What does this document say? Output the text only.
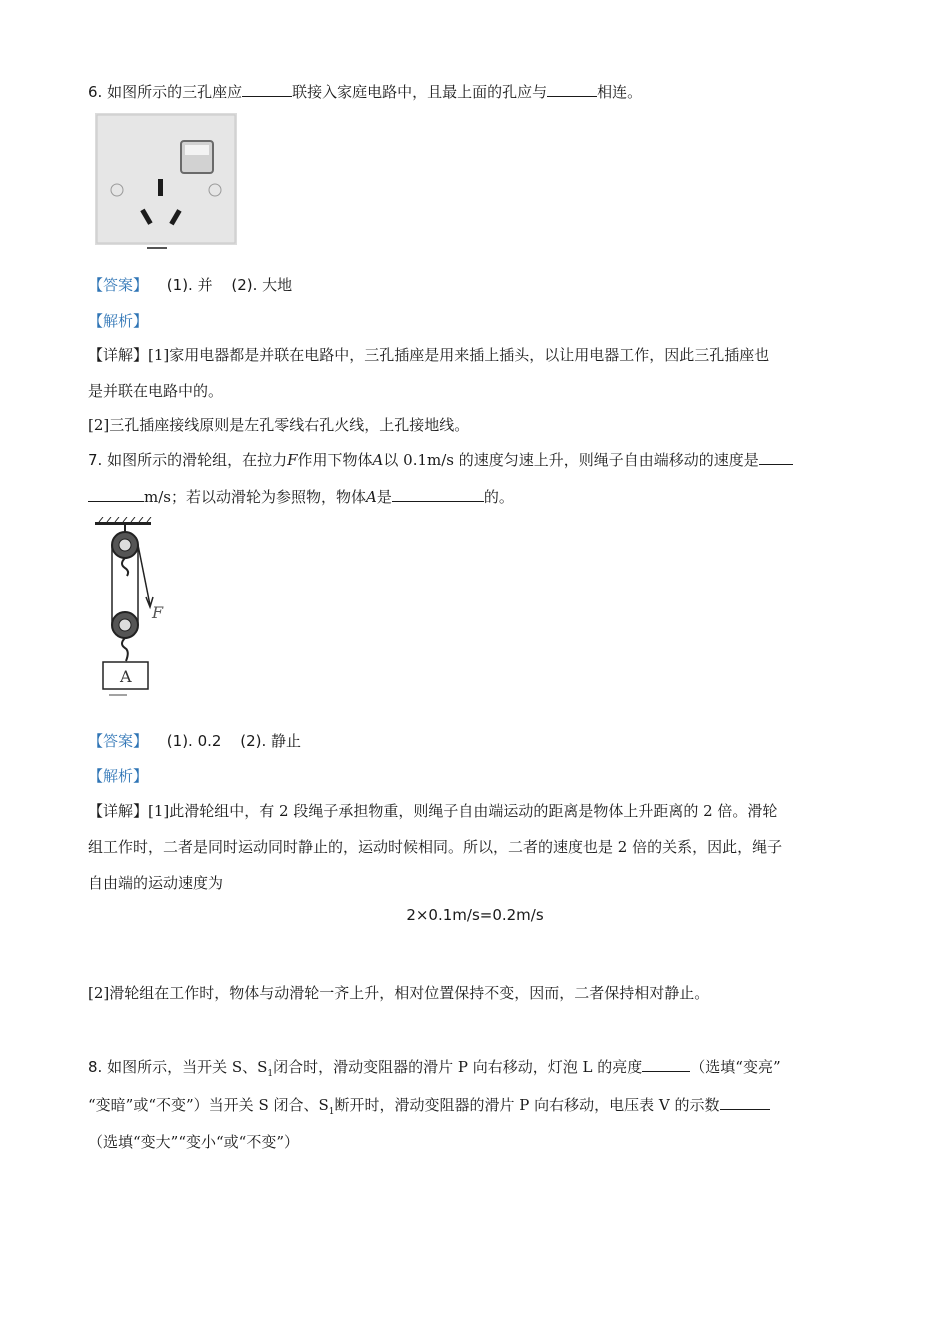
6. 如图所示的三孔座应	联接入家庭电路中，且最上面的孔应与	相连。
【答案】 (1). 并 (2). 大地
【解析】
【详解】[1]家用电器都是并联在电路中，三孔插座是用来插上插头，以让用电器工作，因此三孔插座也
是并联在电路中的。
[2]三孔插座接线原则是左孔零线右孔火线，上孔接地线。
7. 如图所示的滑轮组，在拉力F作用下物体A以 0.1m/s 的速度匀速上升，则绳子自由端移动的速度是
m/s；若以动滑轮为参照物，物体A是	的。
F
A
【答案】 (1). 0.2 (2). 静止
【解析】
【详解】[1]此滑轮组中，有 2 段绳子承担物重，则绳子自由端运动的距离是物体上升距离的 2 倍。滑轮
组工作时，二者是同时运动同时静止的，运动时候相同。所以，二者的速度也是 2 倍的关系，因此，绳子
自由端的运动速度为
2×0.1m/s=0.2m/s
[2]滑轮组在工作时，物体与动滑轮一齐上升，相对位置保持不变，因而，二者保持相对静止。
8. 如图所示，当开关 S、$S_1$闭合时，滑动变阻器的滑片 P 向右移动，灯泡 L 的亮度	（选填“变亮”
“变暗”或“不变”）当开关 S 闭合、$S_1$断开时，滑动变阻器的滑片 P 向右移动，电压表 V 的示数
（选填“变大”“变小“或“不变”）
